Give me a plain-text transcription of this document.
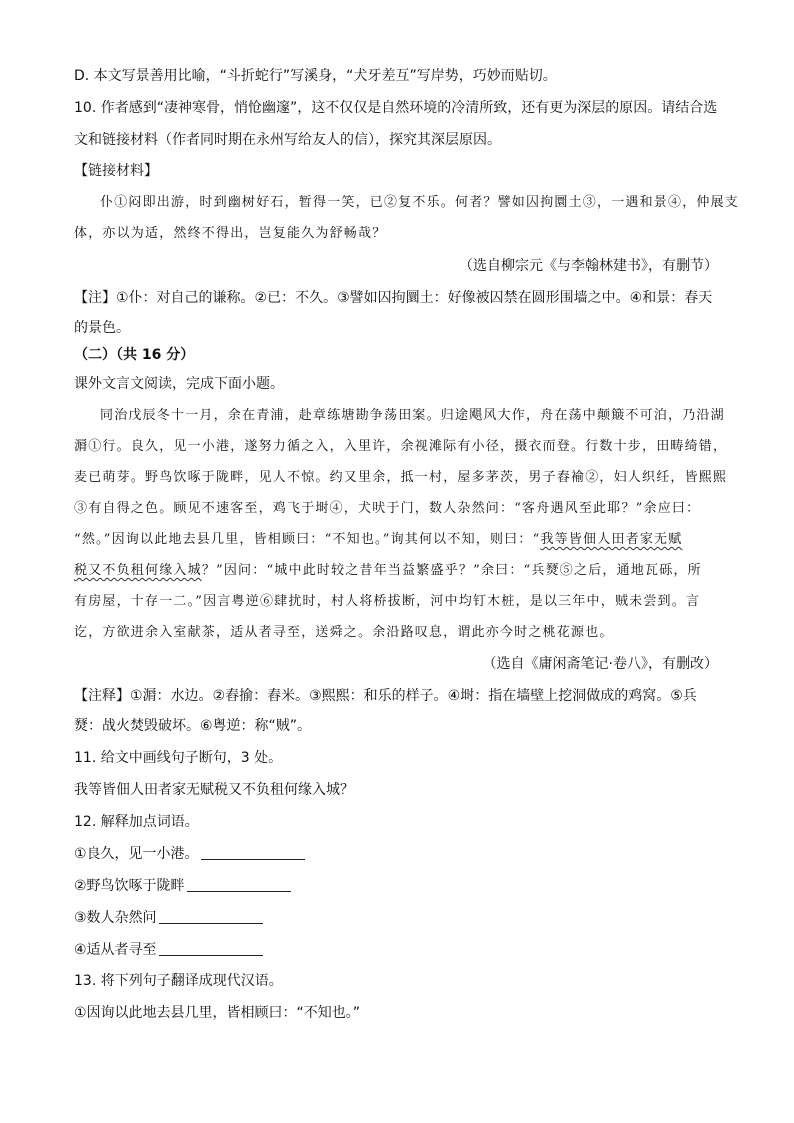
D. 本文写景善用比喻，“斗折蛇行”写溪身，“犬牙差互”写岸势，巧妙而贴切。
10. 作者感到“凄神寒骨，悄怆幽邃”，这不仅仅是自然环境的冷清所致，还有更为深层的原因。请结合选
文和链接材料（作者同时期在永州写给友人的信），探究其深层原因。
【链接材料】
仆①闷即出游，时到幽树好石，暂得一笑，已②复不乐。何者？譬如囚拘圜土③，一遇和景④，仲展支
体，亦以为适，然终不得出，岂复能久为舒畅哉？
（选自柳宗元《与李翰林建书》，有删节）
【注】①仆：对自己的谦称。②已：不久。③譬如囚拘圜土：好像被囚禁在圆形围墙之中。④和景：春天
的景色。
（二）（共 16 分）
课外文言文阅读，完成下面小题。
同治戊辰冬十一月，余在青浦，赴章练塘勘争荡田案。归途飓风大作，舟在荡中颠簸不可泊，乃沿湖
漘①行。良久，见一小港，遂努力循之入，入里许，余视滩际有小径，摄衣而登。行数十步，田畴绮错，
麦已萌芽。野鸟饮啄于陇畔，见人不惊。约又里余，抵一村，屋多茅茨，男子舂褕②，妇人织纴，皆熙熙
③有自得之色。顾见不速客至，鸡飞于埘④，犬吠于门，数人杂然问：“客舟遇风至此耶？”余应曰：
“然。”因询以此地去县几里，皆相顾曰：“不知也。”询其何以不知，则曰：“我等皆佃人田者家无赋
税又不负租何缘入城？”因问：“城中此时较之昔年当益繁盛乎？”余曰：“兵燹⑤之后，通地瓦砾，所
有房屋，十存一二。”因言粤逆⑥肆扰时，村人将桥拔断，河中均钉木桩，是以三年中，贼未尝到。言
讫，方欲进余入室献茶，适从者寻至，送舜之。余沿路叹息，谓此亦今时之桃花源也。
（选自《庸闲斋笔记·卷八》，有删改）
【注释】①漘：水边。②舂揄：舂米。③熙熙：和乐的样子。④埘：指在墙壁上挖洞做成的鸡窝。⑤兵
燹：战火焚毁破坏。⑥粤逆：称“贼”。
11. 给文中画线句子断句，3 处。
我等皆佃人田者家无赋税又不负租何缘入城？
12. 解释加点词语。
①良久，见一小港。
②野鸟饮啄于陇畔
③数人杂然问
④适从者寻至
13. 将下列句子翻译成现代汉语。
①因询以此地去县几里，皆相顾曰：“不知也。”
